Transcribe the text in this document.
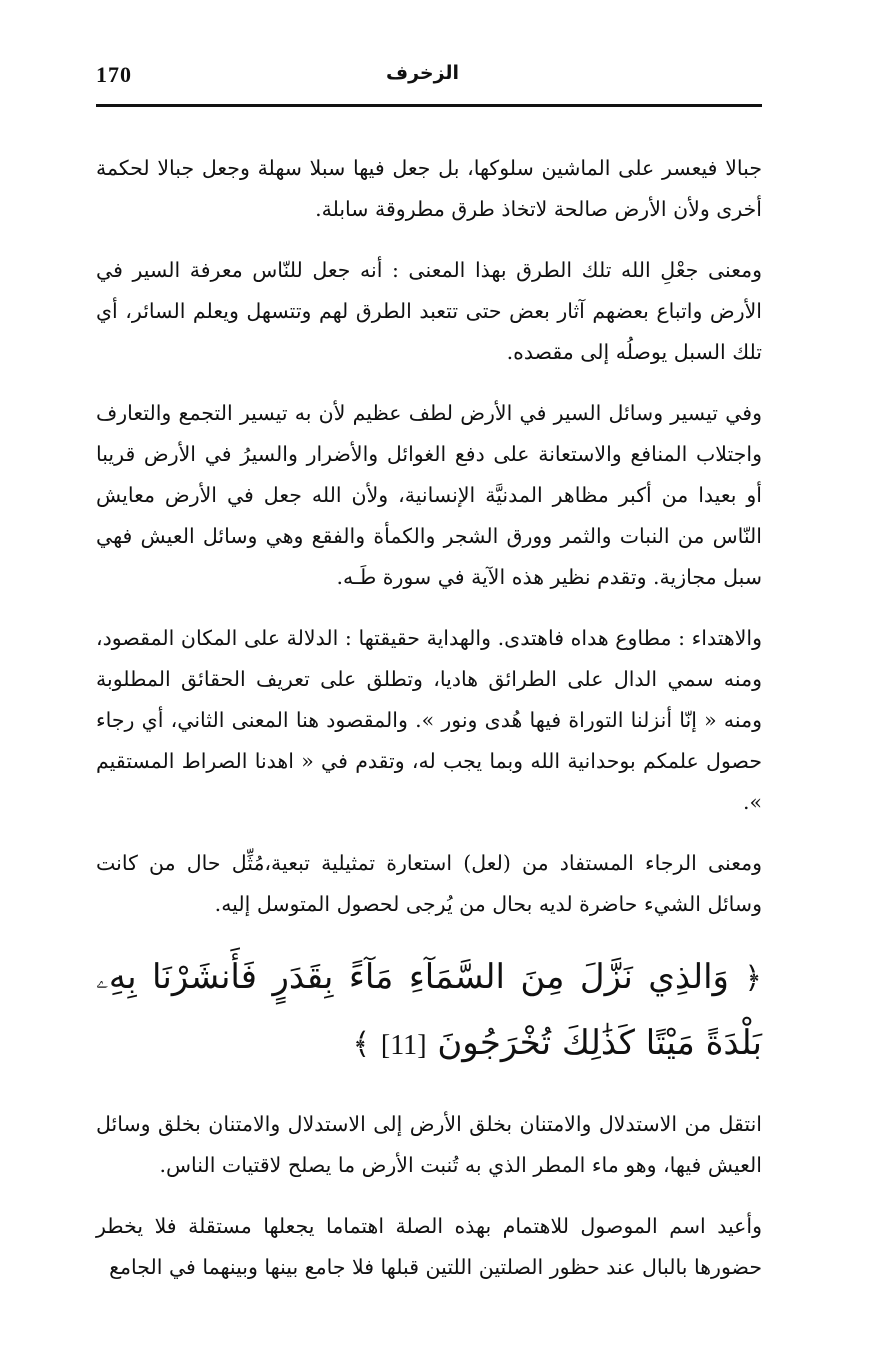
الزخرف
170

جبالا فيعسر على الماشين سلوكها، بل جعل فيها سبلا سهلة وجعل جبالا لحكمة أخرى ولأن الأرض صالحة لاتخاذ طرق مطروقة سابلة.

ومعنى جعْلِ الله تلك الطرق بهذا المعنى : أنه جعل للنّاس معرفة السير في الأرض واتباع بعضهم آثار بعض حتى تتعبد الطرق لهم وتتسهل ويعلم السائر، أي تلك السبل يوصلُه إلى مقصده.

وفي تيسير وسائل السير في الأرض لطف عظيم لأن به تيسير التجمع والتعارف واجتلاب المنافع والاستعانة على دفع الغوائل والأضرار والسيرُ في الأرض قريبا أو بعيدا من أكبر مظاهر المدنيَّة الإنسانية، ولأن الله جعل في الأرض معايش النّاس من النبات والثمر وورق الشجر والكمأة والفقع وهي وسائل العيش فهي سبل مجازية. وتقدم نظير هذه الآية في سورة طَـه.

والاهتداء : مطاوع هداه فاهتدى. والهداية حقيقتها : الدلالة على المكان المقصود، ومنه سمي الدال على الطرائق هاديا، وتطلق على تعريف الحقائق المطلوبة ومنه « إنّا أنزلنا التوراة فيها هُدى ونور ». والمقصود هنا المعنى الثاني، أي رجاء حصول علمكم بوحدانية الله وبما يجب له، وتقدم في « اهدنا الصراط المستقيم ».

ومعنى الرجاء المستفاد من (لعل) استعارة تمثيلية تبعية،مُثِّل حال من كانت وسائل الشيء حاضرة لديه بحال من يُرجى لحصول المتوسل إليه.

﴿ وَالذِي نَزَّلَ مِنَ السَّمَآءِ مَآءً بِقَدَرٍ فَأَنشَرْنَا بِهِۦ بَلْدَةً مَيْتًا كَذَٰلِكَ تُخْرَجُونَ [11] ﴾

انتقل من الاستدلال والامتنان بخلق الأرض إلى الاستدلال والامتنان بخلق وسائل العيش فيها، وهو ماء المطر الذي به تُنبت الأرض ما يصلح لاقتيات الناس.

وأعيد اسم الموصول للاهتمام بهذه الصلة اهتماما يجعلها مستقلة فلا يخطر حضورها بالبال عند حظور الصلتين اللتين قبلها فلا جامع بينها وبينهما في الجامع
